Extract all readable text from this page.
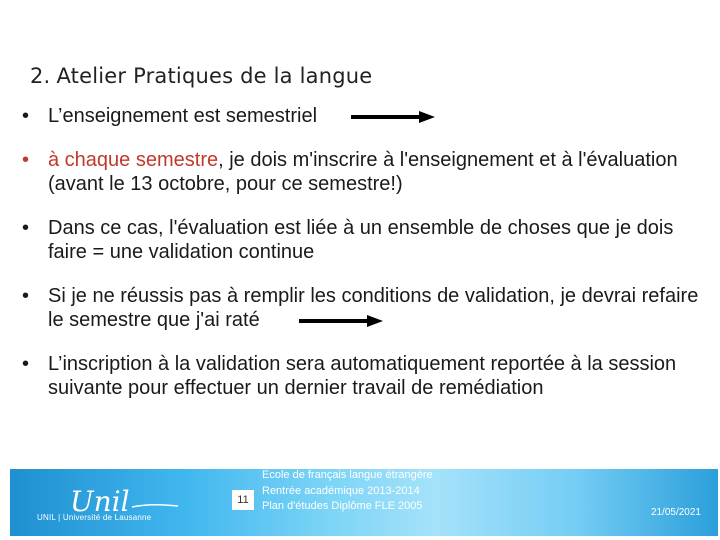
2. Atelier Pratiques de la langue

• L’enseignement est semestriel

• à chaque semestre, je dois m'inscrire à l'enseignement et à l'évaluation (avant le 13 octobre, pour ce semestre!)

• Dans ce cas, l'évaluation est liée à un ensemble de choses que je dois faire = une validation continue

• Si je ne réussis pas à remplir les conditions de validation, je devrai refaire le semestre que j'ai raté

• L’inscription à la validation sera automatiquement reportée à la session suivante pour effectuer un dernier travail de remédiation

Unil
UNIL | Université de Lausanne
11
Ecole de français langue étrangère
Rentrée académique 2013-2014
Plan d'études Diplôme FLE 2005
21/05/2021
